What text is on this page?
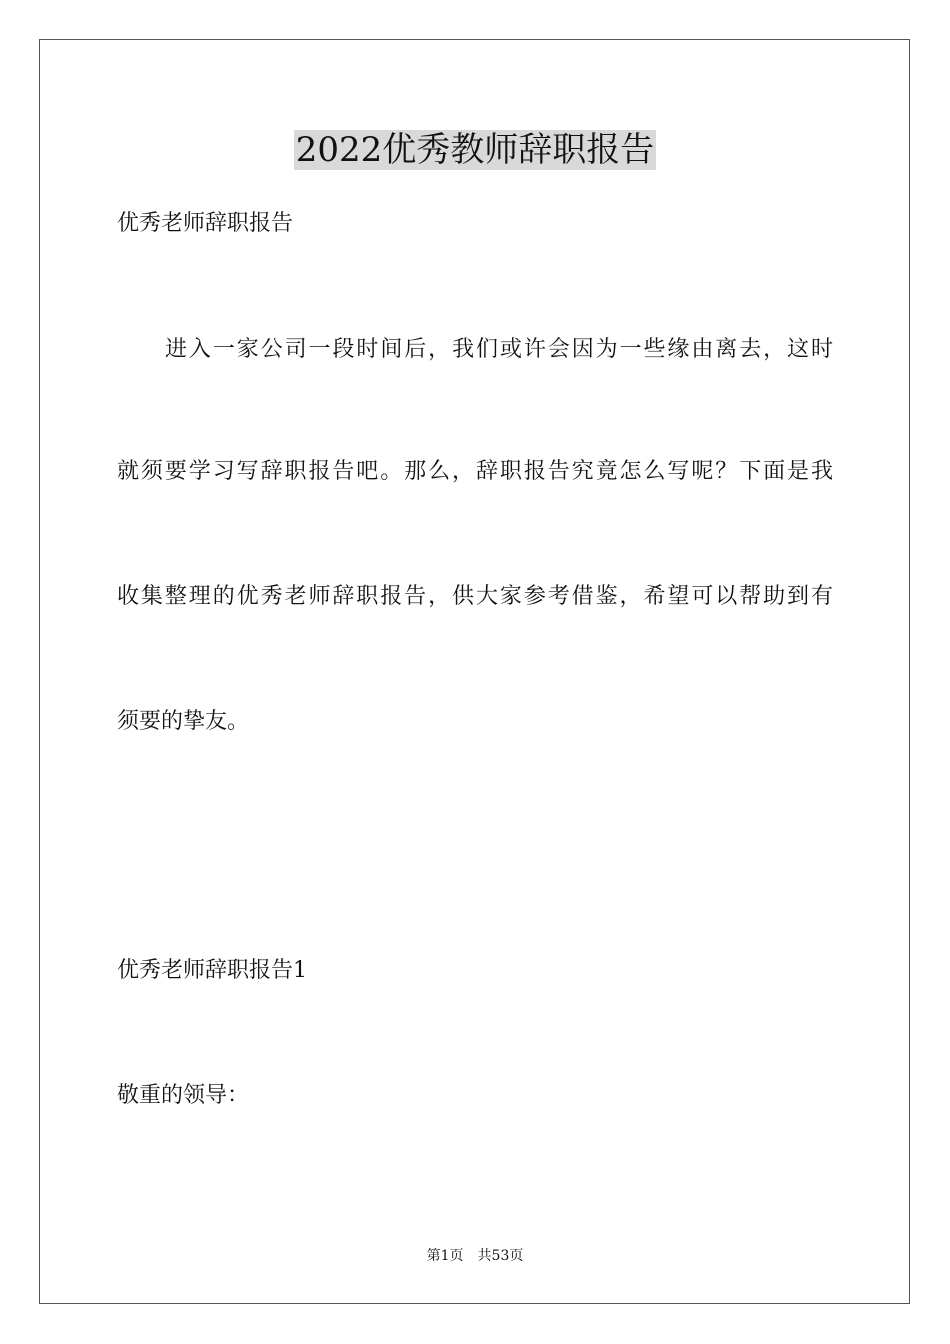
2022优秀教师辞职报告
优秀老师辞职报告
进入一家公司一段时间后，我们或许会因为一些缘由离去，这时
就须要学习写辞职报告吧。那么，辞职报告究竟怎么写呢？下面是我
收集整理的优秀老师辞职报告，供大家参考借鉴，希望可以帮助到有
须要的挚友。
优秀老师辞职报告1
敬重的领导：
第1页 共53页
